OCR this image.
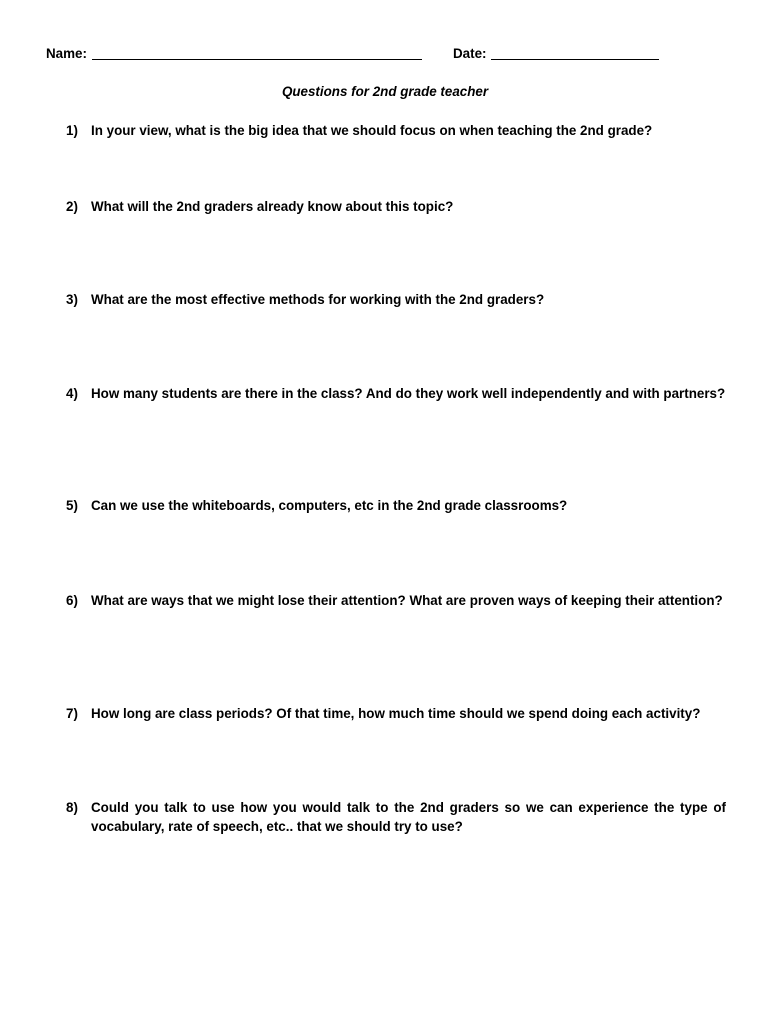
Name:	Date:
Questions for 2nd grade teacher
1) In your view, what is the big idea that we should focus on when teaching the 2nd grade?
2) What will the 2nd graders already know about this topic?
3) What are the most effective methods for working with the 2nd graders?
4) How many students are there in the class? And do they work well independently and with partners?
5) Can we use the whiteboards, computers, etc in the 2nd grade classrooms?
6) What are ways that we might lose their attention? What are proven ways of keeping their attention?
7) How long are class periods? Of that time, how much time should we spend doing each activity?
8) Could you talk to use how you would talk to the 2nd graders so we can experience the type of vocabulary, rate of speech, etc.. that we should try to use?
